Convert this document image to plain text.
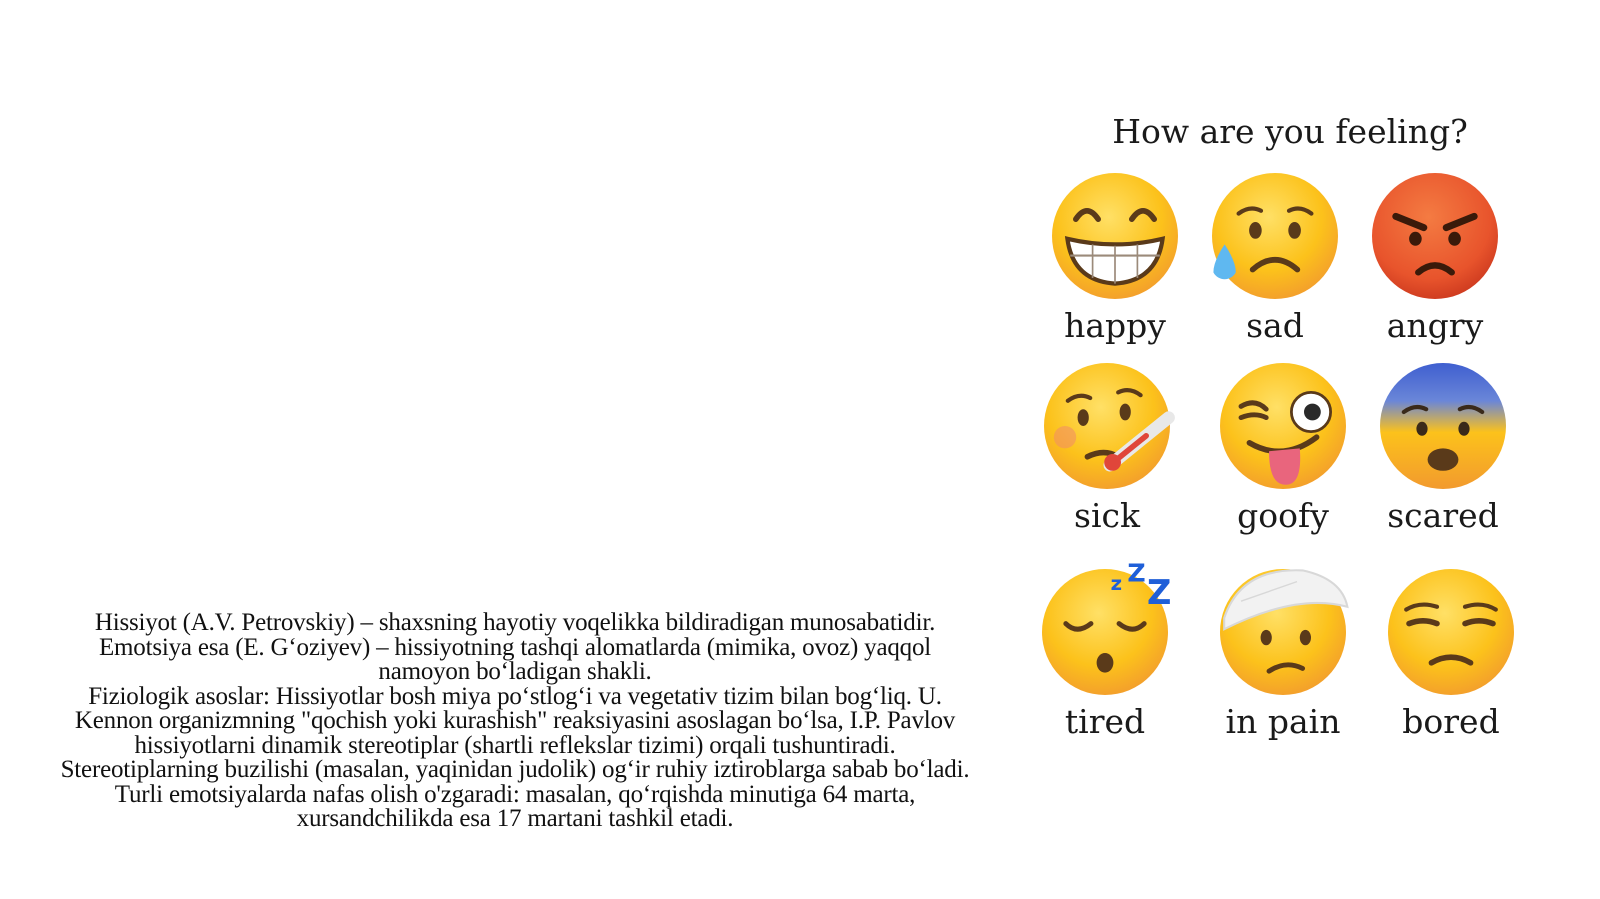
Hissiyot (A.V. Petrovskiy) – shaxsning hayotiy voqelikka bildiradigan munosabatidir. Emotsiya esa (E. G‘oziyev) – hissiyotning tashqi alomatlarda (mimika, ovoz) yaqqol namoyon bo‘ladigan shakli.

Fiziologik asoslar: Hissiyotlar bosh miya po‘stlog‘i va vegetativ tizim bilan bog‘liq. U. Kennon organizmning "qochish yoki kurashish" reaksiyasini asoslagan bo‘lsa, I.P. Pavlov hissiyotlarni dinamik stereotiplar (shartli reflekslar tizimi) orqali tushuntiradi. Stereotiplarning buzilishi (masalan, yaqinidan judolik) og‘ir ruhiy iztiroblarga sabab bo‘ladi. Turli emotsiyalarda nafas olish o'zgaradi: masalan, qo‘rqishda minutiga 64 marta, xursandchilikda esa 17 martani tashkil etadi.

How are you feeling?
happy	sad	angry
sick	goofy	scared
z Z Z
tired	in pain	bored
